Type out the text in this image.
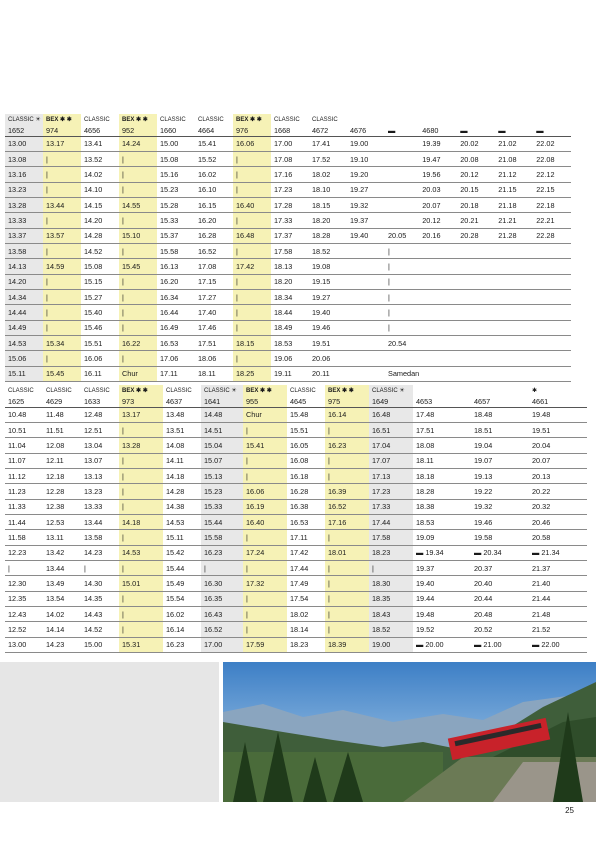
CLASSIC ☀	BEX ✱ ✱	CLASSIC	BEX ✱ ✱	CLASSIC	CLASSIC	BEX ✱ ✱	CLASSIC	CLASSIC						
1652	974	4656	952	1660	4664	976	1668	4672	4676	▬	4680	▬	▬	▬
13.00	13.17	13.41	14.24	15.00	15.41	16.06	17.00	17.41	19.00		19.39	20.02	21.02	22.02
13.08	|	13.52	|	15.08	15.52	|	17.08	17.52	19.10		19.47	20.08	21.08	22.08
13.16	|	14.02	|	15.16	16.02	|	17.16	18.02	19.20		19.56	20.12	21.12	22.12
13.23	|	14.10	|	15.23	16.10	|	17.23	18.10	19.27		20.03	20.15	21.15	22.15
13.28	13.44	14.15	14.55	15.28	16.15	16.40	17.28	18.15	19.32		20.07	20.18	21.18	22.18
13.33	|	14.20	|	15.33	16.20	|	17.33	18.20	19.37		20.12	20.21	21.21	22.21
13.37	13.57	14.28	15.10	15.37	16.28	16.48	17.37	18.28	19.40	20.05	20.16	20.28	21.28	22.28
13.58	|	14.52	|	15.58	16.52	|	17.58	18.52		|				
14.13	14.59	15.08	15.45	16.13	17.08	17.42	18.13	19.08		|				
14.20	|	15.15	|	16.20	17.15	|	18.20	19.15		|				
14.34	|	15.27	|	16.34	17.27	|	18.34	19.27		|				
14.44	|	15.40	|	16.44	17.40	|	18.44	19.40		|				
14.49	|	15.46	|	16.49	17.46	|	18.49	19.46		|				
14.53	15.34	15.51	16.22	16.53	17.51	18.15	18.53	19.51		20.54				
15.06	|	16.06	|	17.06	18.06	|	19.06	20.06						
15.11	15.45	16.11	Chur	17.11	18.11	18.25	19.11	20.11		Samedan				
CLASSIC	CLASSIC	CLASSIC	BEX ✱ ✱	CLASSIC	CLASSIC ☀	BEX ✱ ✱	CLASSIC	BEX ✱ ✱	CLASSIC ☀			✱
1625	4629	1633	973	4637	1641	955	4645	975	1649	4653	4657	4661
10.48	11.48	12.48	13.17	13.48	14.48	Chur	15.48	16.14	16.48	17.48	18.48	19.48
10.51	11.51	12.51	|	13.51	14.51	|	15.51	|	16.51	17.51	18.51	19.51
11.04	12.08	13.04	13.28	14.08	15.04	15.41	16.05	16.23	17.04	18.08	19.04	20.04
11.07	12.11	13.07	|	14.11	15.07	|	16.08	|	17.07	18.11	19.07	20.07
11.12	12.18	13.13	|	14.18	15.13	|	16.18	|	17.13	18.18	19.13	20.13
11.23	12.28	13.23	|	14.28	15.23	16.06	16.28	16.39	17.23	18.28	19.22	20.22
11.33	12.38	13.33	|	14.38	15.33	16.19	16.38	16.52	17.33	18.38	19.32	20.32
11.44	12.53	13.44	14.18	14.53	15.44	16.40	16.53	17.16	17.44	18.53	19.46	20.46
11.58	13.11	13.58	|	15.11	15.58	|	17.11	|	17.58	19.09	19.58	20.58
12.23	13.42	14.23	14.53	15.42	16.23	17.24	17.42	18.01	18.23	▬ 19.34	▬ 20.34	▬ 21.34
|	13.44	|	|	15.44	|	|	17.44	|	|	19.37	20.37	21.37
12.30	13.49	14.30	15.01	15.49	16.30	17.32	17.49	|	18.30	19.40	20.40	21.40
12.35	13.54	14.35	|	15.54	16.35	|	17.54	|	18.35	19.44	20.44	21.44
12.43	14.02	14.43	|	16.02	16.43	|	18.02	|	18.43	19.48	20.48	21.48
12.52	14.14	14.52	|	16.14	16.52	|	18.14	|	18.52	19.52	20.52	21.52
13.00	14.23	15.00	15.31	16.23	17.00	17.59	18.23	18.39	19.00	▬ 20.00	▬ 21.00	▬ 22.00
25
